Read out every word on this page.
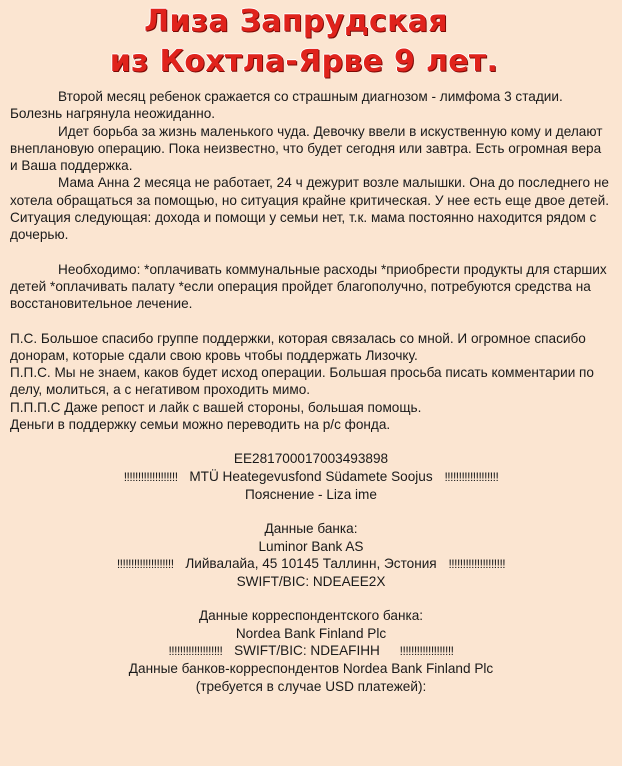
Лиза Запрудская
из Кохтла-Ярве 9 лет.

Второй месяц ребенок сражается со страшным диагнозом - лимфома 3 стадии. Болезнь нагрянула неожиданно.

Идет борьба за жизнь маленького чуда. Девочку ввели в искуственную кому и делают внеплановую операцию. Пока неизвестно, что будет сегодня или завтра. Есть огромная вера и Ваша поддержка.

Мама Анна 2 месяца не работает, 24 ч дежурит возле малышки. Она до последнего не хотела обращаться за помощью, но ситуация крайне критическая. У нее есть еще двое детей.

Ситуация следующая: дохода и помощи у семьи нет, т.к. мама постоянно находится рядом с дочерью.

Необходимо: *оплачивать коммунальные расходы *приобрести продукты для старших детей *оплачивать палату *если операция пройдет благополучно, потребуются средства на восстановительное лечение.

П.С. Большое спасибо группе поддержки, которая связалась со мной. И огромное спасибо донорам, которые сдали свою кровь чтобы поддержать Лизочку.

П.П.С. Мы не знаем, каков будет исход операции. Большая просьба писать комментарии по делу, молиться, а с негативом проходить мимо.

П.П.П.С Даже репост и лайк с вашей стороны, большая помощь.

Деньги в поддержку семьи можно переводить на р/с фонда.

EE281700017003493898
!!!!!!!!!!!!!!!!!!! MTÜ Heategevusfond Südamete Soojus !!!!!!!!!!!!!!!!!!!
Пояснение - Liza ime
Данные банка:
Luminor Bank AS
!!!!!!!!!!!!!!!!!!!! Лийвалайа, 45 10145 Таллинн, Эстония !!!!!!!!!!!!!!!!!!!!
SWIFT/BIC: NDEAEE2X
Данные корреспондентского банка:
Nordea Bank Finland Plc
!!!!!!!!!!!!!!!!!!! SWIFT/BIC: NDEAFIHH !!!!!!!!!!!!!!!!!!!
Данные банков-корреспондентов Nordea Bank Finland Plc
(требуется в случае USD платежей):
